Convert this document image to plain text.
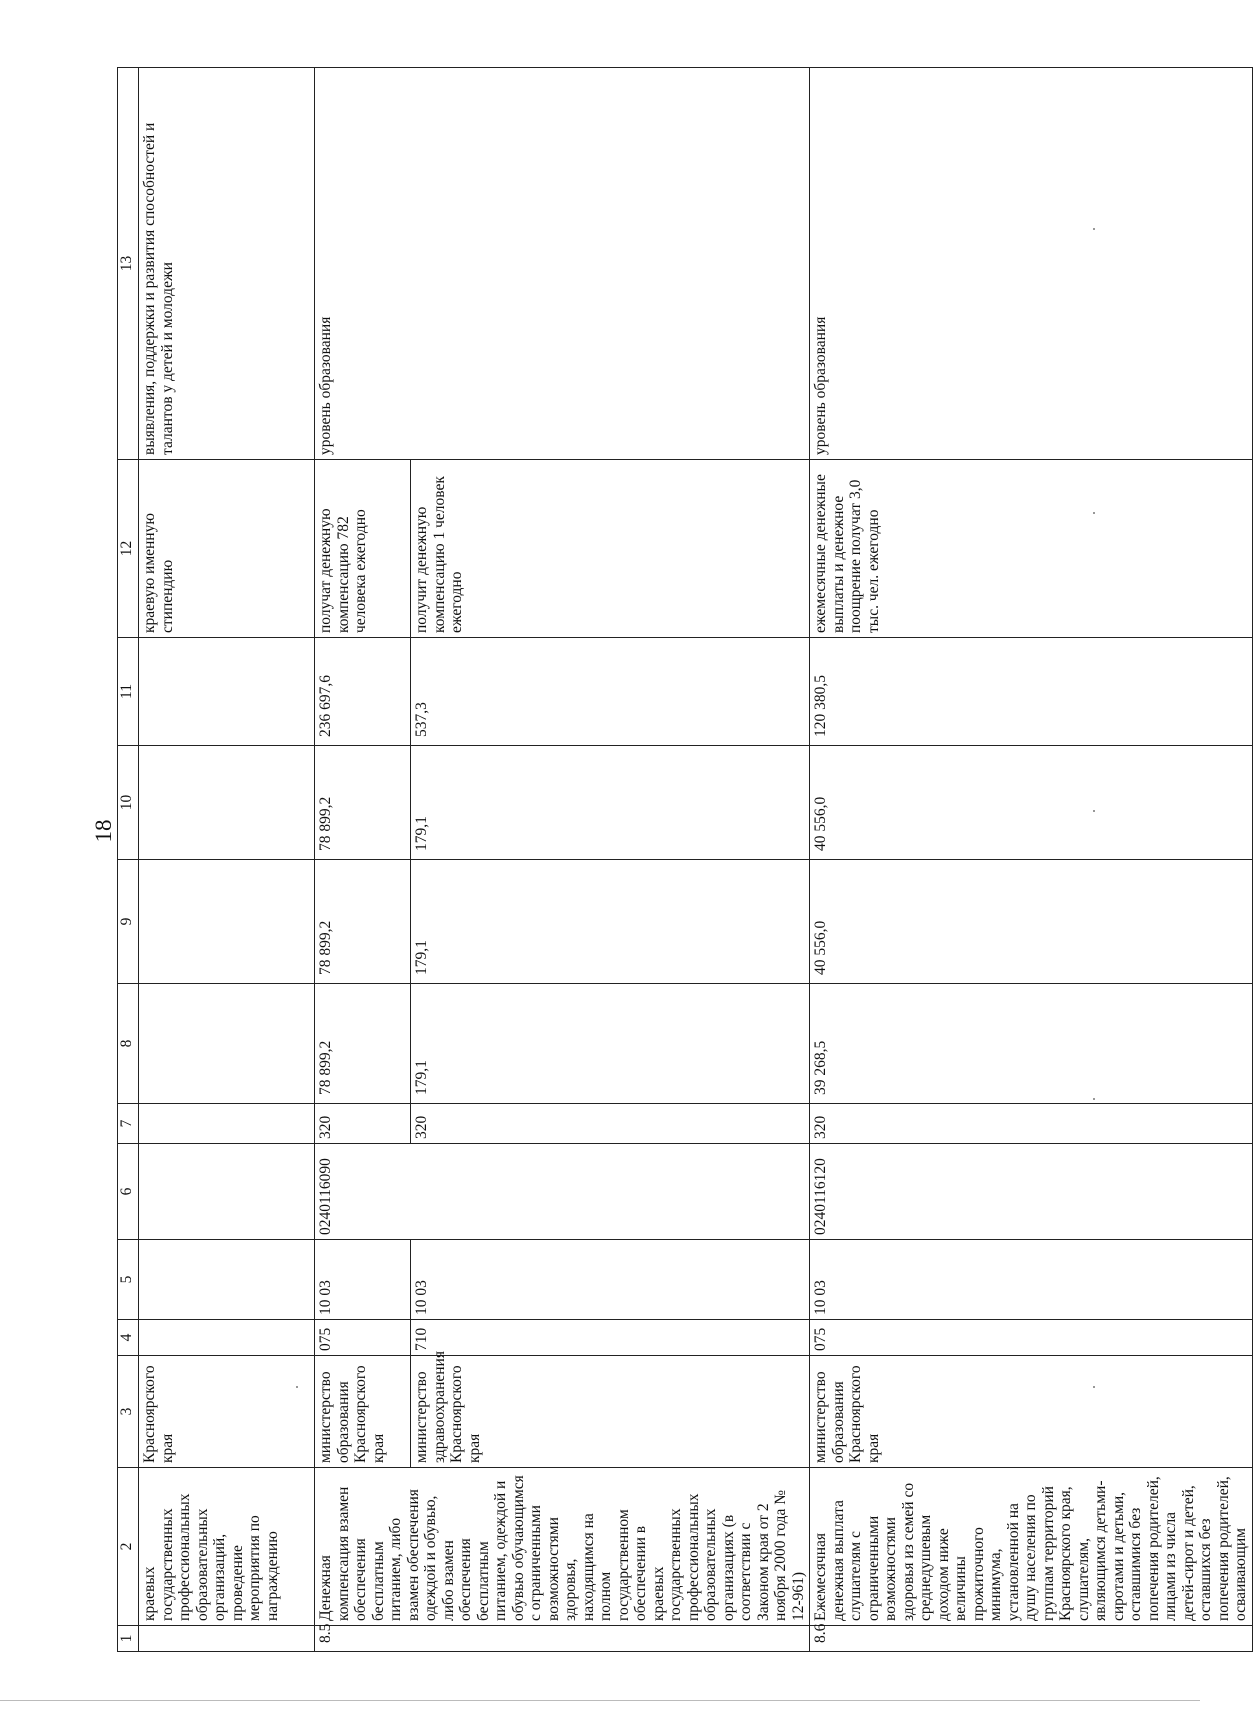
18
1	2	3	4	5	6	7	8	9	10	11	12	13
	краевых государственных профессиональных образовательных организаций, проведение мероприятия по награждению	Красноярского края									краевую именную стипендию	выявления, поддержки и развития способностей и талантов у детей и молодежи
8.5	Денежная компенсация взамен обеспечения бесплатным питанием, либо взамен обеспечения одеждой и обувью, либо взамен обеспечения бесплатным питанием, одеждой и обувью обучающимся с ограниченными возможностями здоровья, находящимся на полном государственном обеспечении в краевых государственных профессиональных образовательных организациях (в соответствии с Законом края от 2 ноября 2000 года № 12-961)	министерство образования Красноярского края	075	10 03	0240116090	320	78 899,2	78 899,2	78 899,2	236 697,6	получат денежную компенсацию 782 человека ежегодно	уровень образования
		министерство здравоохранения Красноярского края	710	10 03		320	179,1	179,1	179,1	537,3	получит денежную компенсацию 1 человек ежегодно	
8.6	Ежемесячная денежная выплата слушателям с ограниченными возможностями здоровья из семей со среднедушевым доходом ниже величины прожиточного минимума, установленной на душу населения по группам территорий Красноярского края, слушателям, являющимся детьми-сиротами и детьми, оставшимися без попечения родителей, лицами из числа детей-сирот и детей, оставшихся без попечения родителей, осваивающим	министерство образования Красноярского края	075	10 03	0240116120	320	39 268,5	40 556,0	40 556,0	120 380,5	ежемесячные денежные выплаты и денежное поощрение получат 3,0 тыс. чел. ежегодно	уровень образования
